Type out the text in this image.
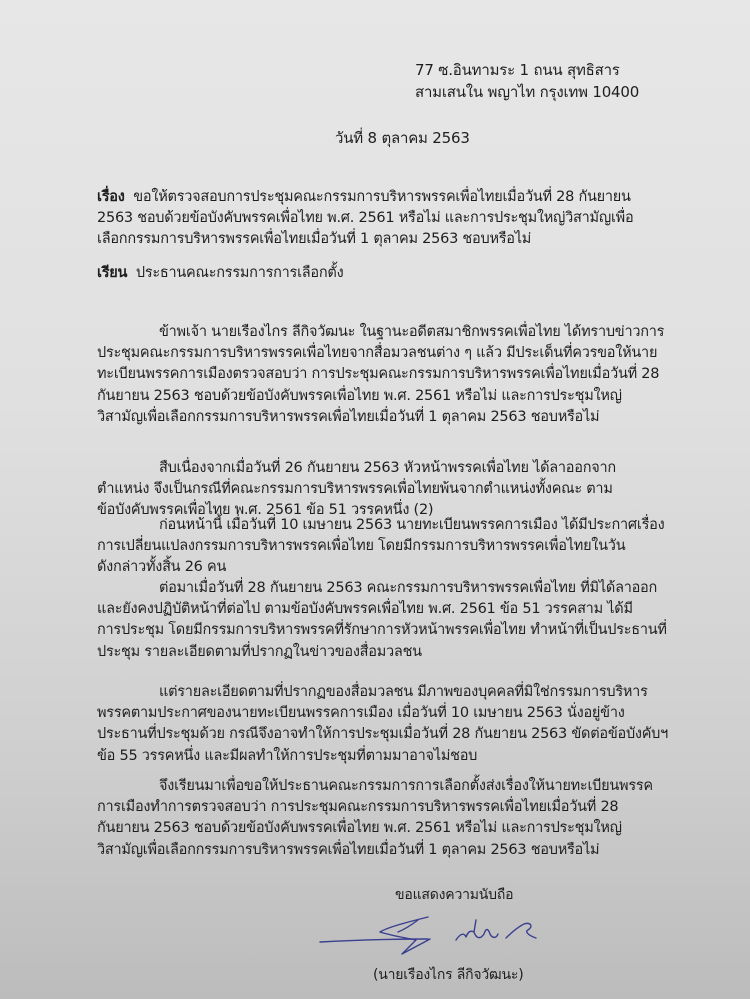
77 ซ.อินทามระ 1 ถนน สุทธิสาร
สามเสนใน พญาไท กรุงเทพ 10400
วันที่ 8 ตุลาคม 2563
เรื่อง ขอให้ตรวจสอบการประชุมคณะกรรมการบริหารพรรคเพื่อไทยเมื่อวันที่ 28 กันยายน
2563 ชอบด้วยข้อบังคับพรรคเพื่อไทย พ.ศ. 2561 หรือไม่ และการประชุมใหญ่วิสามัญเพื่อ
เลือกกรรมการบริหารพรรคเพื่อไทยเมื่อวันที่ 1 ตุลาคม 2563 ชอบหรือไม่
เรียน ประธานคณะกรรมการการเลือกตั้ง
ข้าพเจ้า นายเรืองไกร ลีกิจวัฒนะ ในฐานะอดีตสมาชิกพรรคเพื่อไทย ได้ทราบข่าวการ
ประชุมคณะกรรมการบริหารพรรคเพื่อไทยจากสื่อมวลชนต่าง ๆ แล้ว มีประเด็นที่ควรขอให้นาย
ทะเบียนพรรคการเมืองตรวจสอบว่า การประชุมคณะกรรมการบริหารพรรคเพื่อไทยเมื่อวันที่ 28
กันยายน 2563 ชอบด้วยข้อบังคับพรรคเพื่อไทย พ.ศ. 2561 หรือไม่ และการประชุมใหญ่
วิสามัญเพื่อเลือกกรรมการบริหารพรรคเพื่อไทยเมื่อวันที่ 1 ตุลาคม 2563 ชอบหรือไม่
สืบเนื่องจากเมื่อวันที่ 26 กันยายน 2563 หัวหน้าพรรคเพื่อไทย ได้ลาออกจาก
ตำแหน่ง จึงเป็นกรณีที่คณะกรรมการบริหารพรรคเพื่อไทยพ้นจากตำแหน่งทั้งคณะ ตาม
ข้อบังคับพรรคเพื่อไทย พ.ศ. 2561 ข้อ 51 วรรคหนึ่ง (2)
ก่อนหน้านี้ เมื่อวันที่ 10 เมษายน 2563 นายทะเบียนพรรคการเมือง ได้มีประกาศเรื่อง
การเปลี่ยนแปลงกรรมการบริหารพรรคเพื่อไทย โดยมีกรรมการบริหารพรรคเพื่อไทยในวัน
ดังกล่าวทั้งสิ้น 26 คน
ต่อมาเมื่อวันที่ 28 กันยายน 2563 คณะกรรมการบริหารพรรคเพื่อไทย ที่มิได้ลาออก
และยังคงปฏิบัติหน้าที่ต่อไป ตามข้อบังคับพรรคเพื่อไทย พ.ศ. 2561 ข้อ 51 วรรคสาม ได้มี
การประชุม โดยมีกรรมการบริหารพรรคที่รักษาการหัวหน้าพรรคเพื่อไทย ทำหน้าที่เป็นประธานที่
ประชุม รายละเอียดตามที่ปรากฏในข่าวของสื่อมวลชน
แต่รายละเอียดตามที่ปรากฏของสื่อมวลชน มีภาพของบุคคลที่มิใช่กรรมการบริหาร
พรรคตามประกาศของนายทะเบียนพรรคการเมือง เมื่อวันที่ 10 เมษายน 2563 นั่งอยู่ข้าง
ประธานที่ประชุมด้วย กรณีจึงอาจทำให้การประชุมเมื่อวันที่ 28 กันยายน 2563 ขัดต่อข้อบังคับฯ
ข้อ 55 วรรคหนึ่ง และมีผลทำให้การประชุมที่ตามมาอาจไม่ชอบ
จึงเรียนมาเพื่อขอให้ประธานคณะกรรมการการเลือกตั้งส่งเรื่องให้นายทะเบียนพรรค
การเมืองทำการตรวจสอบว่า การประชุมคณะกรรมการบริหารพรรคเพื่อไทยเมื่อวันที่ 28
กันยายน 2563 ชอบด้วยข้อบังคับพรรคเพื่อไทย พ.ศ. 2561 หรือไม่ และการประชุมใหญ่
วิสามัญเพื่อเลือกกรรมการบริหารพรรคเพื่อไทยเมื่อวันที่ 1 ตุลาคม 2563 ชอบหรือไม่
ขอแสดงความนับถือ
(นายเรืองไกร ลีกิจวัฒนะ)
